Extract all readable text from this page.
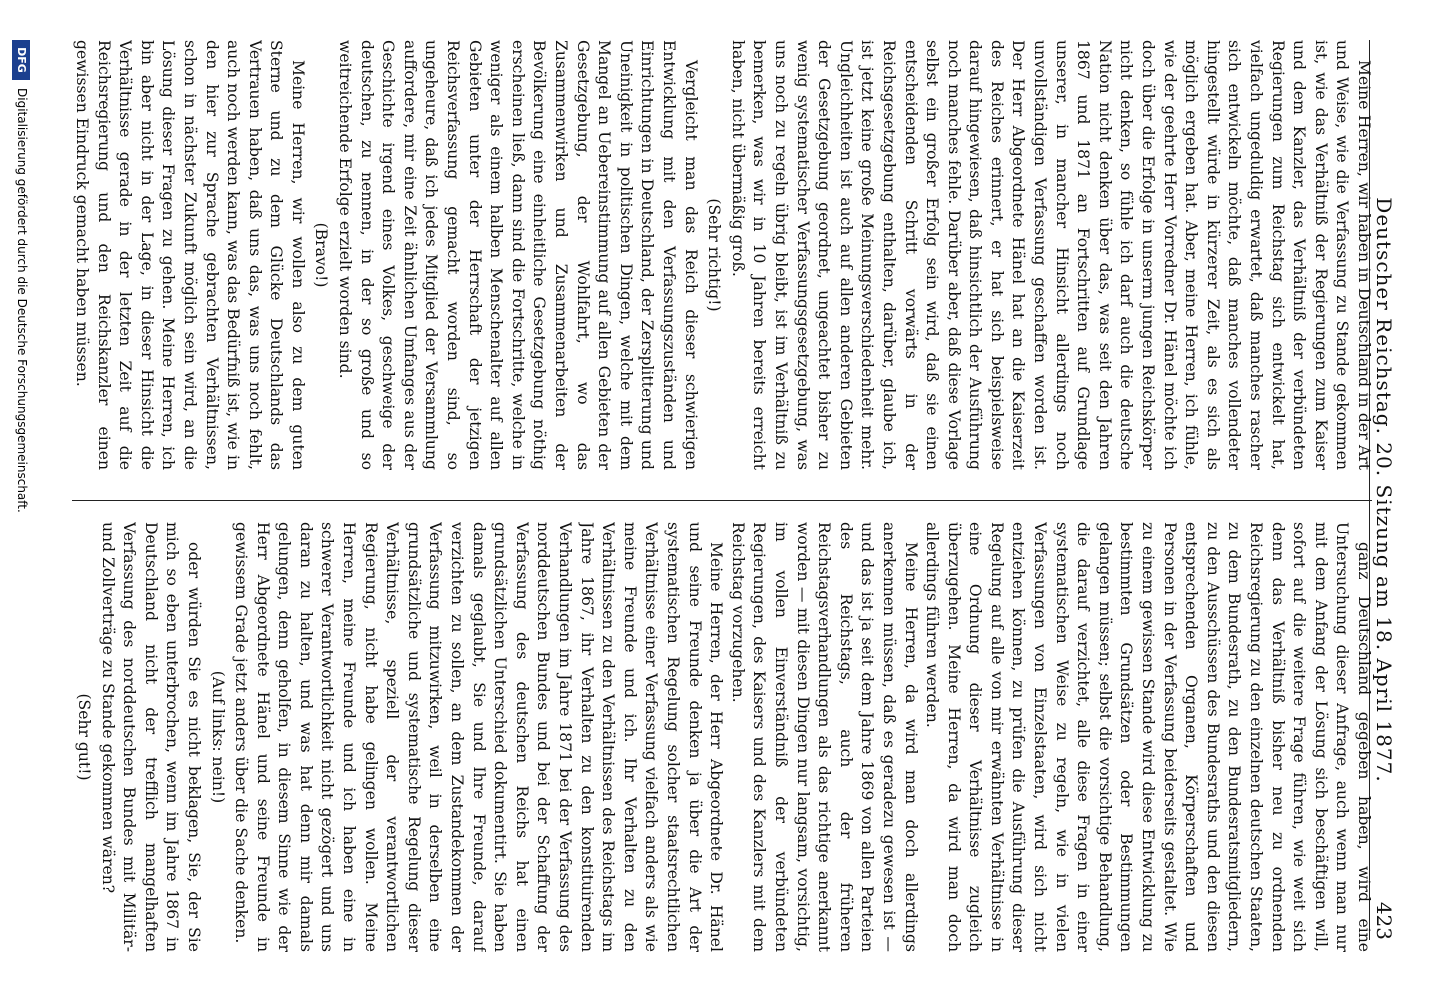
Deutscher Reichstag. 20. Sitzung am 18. April 1877.
423

Meine Herren, wir haben in Deutschland in der Art und Weise, wie die Verfassung zu Stande gekommen ist, wie das Verhältniß der Regierungen zum Kaiser und dem Kanzler, das Verhältniß der verbündeten Regierungen zum Reichstag sich entwickelt hat, vielfach ungeduldig erwartet, daß manches rascher sich entwickeln möchte, daß manches vollendeter hingestellt würde in kürzerer Zeit, als es sich als möglich ergeben hat. Aber, meine Herren, ich fühle, wie der geehrte Herr Vorredner Dr. Hänel möchte ich doch über die Erfolge in unserm jungen Reichskörper nicht denken, so fühle ich darf auch die deutsche Nation nicht denken über das, was seit den Jahren 1867 und 1871 an Fortschritten auf Grundlage unserer, in mancher Hinsicht allerdings noch unvollständigen Verfassung geschaffen worden ist. Der Herr Abgeordnete Hänel hat an die Kaiserzeit des Reiches erinnert, er hat sich beispielsweise darauf hingewiesen, daß hinsichtlich der Ausführung noch manches fehle. Darüber aber, daß diese Vorlage selbst ein großer Erfolg sein wird, daß sie einen entscheidenden Schritt vorwärts in der Reichsgesetzgebung enthalten, darüber, glaube ich, ist jetzt keine große Meinungsverschiedenheit mehr. Ungleichheiten ist auch auf allen anderen Gebieten der Gesetzgebung geordnet, ungeachtet bisher zu wenig systematischer Verfassungsgesetzgebung, was uns noch zu regeln übrig bleibt, ist im Verhältniß zu bemerken, was wir in 10 Jahren bereits erreicht haben, nicht übermäßig groß.

(Sehr richtig!)

Vergleicht man das Reich dieser schwierigen Entwicklung mit den Verfassungszuständen und Einrichtungen in Deutschland, der Zersplitterung und Uneinigkeit in politischen Dingen, welche mit dem Mangel an Uebereinstimmung auf allen Gebieten der Gesetzgebung, der Wohlfahrt, wo das Zusammenwirken und Zusammenarbeiten der Bevölkerung eine einheitliche Gesetzgebung nöthig erscheinen ließ, dann sind die Fortschritte, welche in weniger als einem halben Menschenalter auf allen Gebieten unter der Herrschaft der jetzigen Reichsverfassung gemacht worden sind, so ungeheure, daß ich jedes Mitglied der Versammlung auffordere, mir eine Zeit ähnlichen Umfanges aus der Geschichte irgend eines Volkes, geschweige der deutschen, zu nennen, in der so große und so weitreichende Erfolge erzielt worden sind.

(Bravo!)

Meine Herren, wir wollen also zu dem guten Sterne und zu dem Glücke Deutschlands das Vertrauen haben, daß uns das, was uns noch fehlt, auch noch werden kann, was das Bedürfniß ist, wie in den hier zur Sprache gebrachten Verhältnissen, schon in nächster Zukunft möglich sein wird, an die Lösung dieser Fragen zu gehen. Meine Herren, ich bin aber nicht in der Lage, in dieser Hinsicht die Verhältnisse gerade in der letzten Zeit auf die Reichsregierung und den Reichskanzler einen gewissen Eindruck gemacht haben müssen.

ganz Deutschland gegeben haben, wird eine Untersuchung dieser Anfrage, auch wenn man nur mit dem Anfang der Lösung sich beschäftigen will, sofort auf die weitere Frage führen, wie weit sich denn das Verhältniß bisher neu zu ordnenden Reichsregierung zu den einzelnen deutschen Staaten, zu dem Bundesrath, zu den Bundesratsmitgliedern, zu den Ausschüssen des Bundesraths und den diesen entsprechenden Organen, Körperschaften und Personen in der Verfassung beiderseits gestaltet. Wie zu einem gewissen Stande wird diese Entwicklung zu bestimmten Grundsätzen oder Bestimmungen gelangen müssen; selbst die vorsichtige Behandlung, die darauf verzichtet, alle diese Fragen in einer systematischen Weise zu regeln, wie in vielen Verfassungen von Einzelstaaten, wird sich nicht entziehen können, zu prüfen die Ausführung dieser Regelung auf alle von mir erwähnten Verhältnisse in eine Ordnung dieser Verhältnisse zugleich überzugehen. Meine Herren, da wird man doch allerdings führen werden.

Meine Herren, da wird man doch allerdings anerkennen müssen, daß es geradezu gewesen ist — und das ist ja seit dem Jahre 1869 von allen Parteien des Reichstags, auch der früheren Reichstagsverhandlungen als das richtige anerkannt worden — mit diesen Dingen nur langsam, vorsichtig, im vollen Einverständniß der verbündeten Regierungen, des Kaisers und des Kanzlers mit dem Reichstag vorzugehen.

Meine Herren, der Herr Abgeordnete Dr. Hänel und seine Freunde denken ja über die Art der systematischen Regelung solcher staatsrechtlichen Verhältnisse einer Verfassung vielfach anders als wie meine Freunde und ich. Ihr Verhalten zu den Verhältnissen zu den Verhältnissen des Reichstags im Jahre 1867, ihr Verhalten zu den konstituirenden Verhandlungen im Jahre 1871 bei der Verfassung des norddeutschen Bundes und bei der Schaffung der Verfassung des deutschen Reichs hat einen grundsätzlichen Unterschied dokumentirt. Sie haben damals geglaubt, Sie und Ihre Freunde, darauf verzichten zu sollen, an dem Zustandekommen der Verfassung mitzuwirken, weil in derselben eine grundsätzliche und systematische Regelung dieser Verhältnisse, speziell der verantwortlichen Regierung, nicht habe gelingen wollen. Meine Herren, meine Freunde und ich haben eine in schwerer Verantwortlichkeit nicht gezögert und uns daran zu halten, und was hat denn mir damals gelungen, denn geholfen, in diesem Sinne wie der Herr Abgeordnete Hänel und seine Freunde in gewissem Grade jetzt anders über die Sache denken.

(Auf links: nein!)

oder würden Sie es nicht beklagen, Sie, der Sie mich so eben unterbrochen, wenn im Jahre 1867 in Deutschland nicht der trefflich mangelhaften Verfassung des norddeutschen Bundes mit Militär- und Zollverträge zu Stande gekommen wären?

(Sehr gut!)

DFG
Digitalisierung gefördert durch die Deutsche Forschungsgemeinschaft.
